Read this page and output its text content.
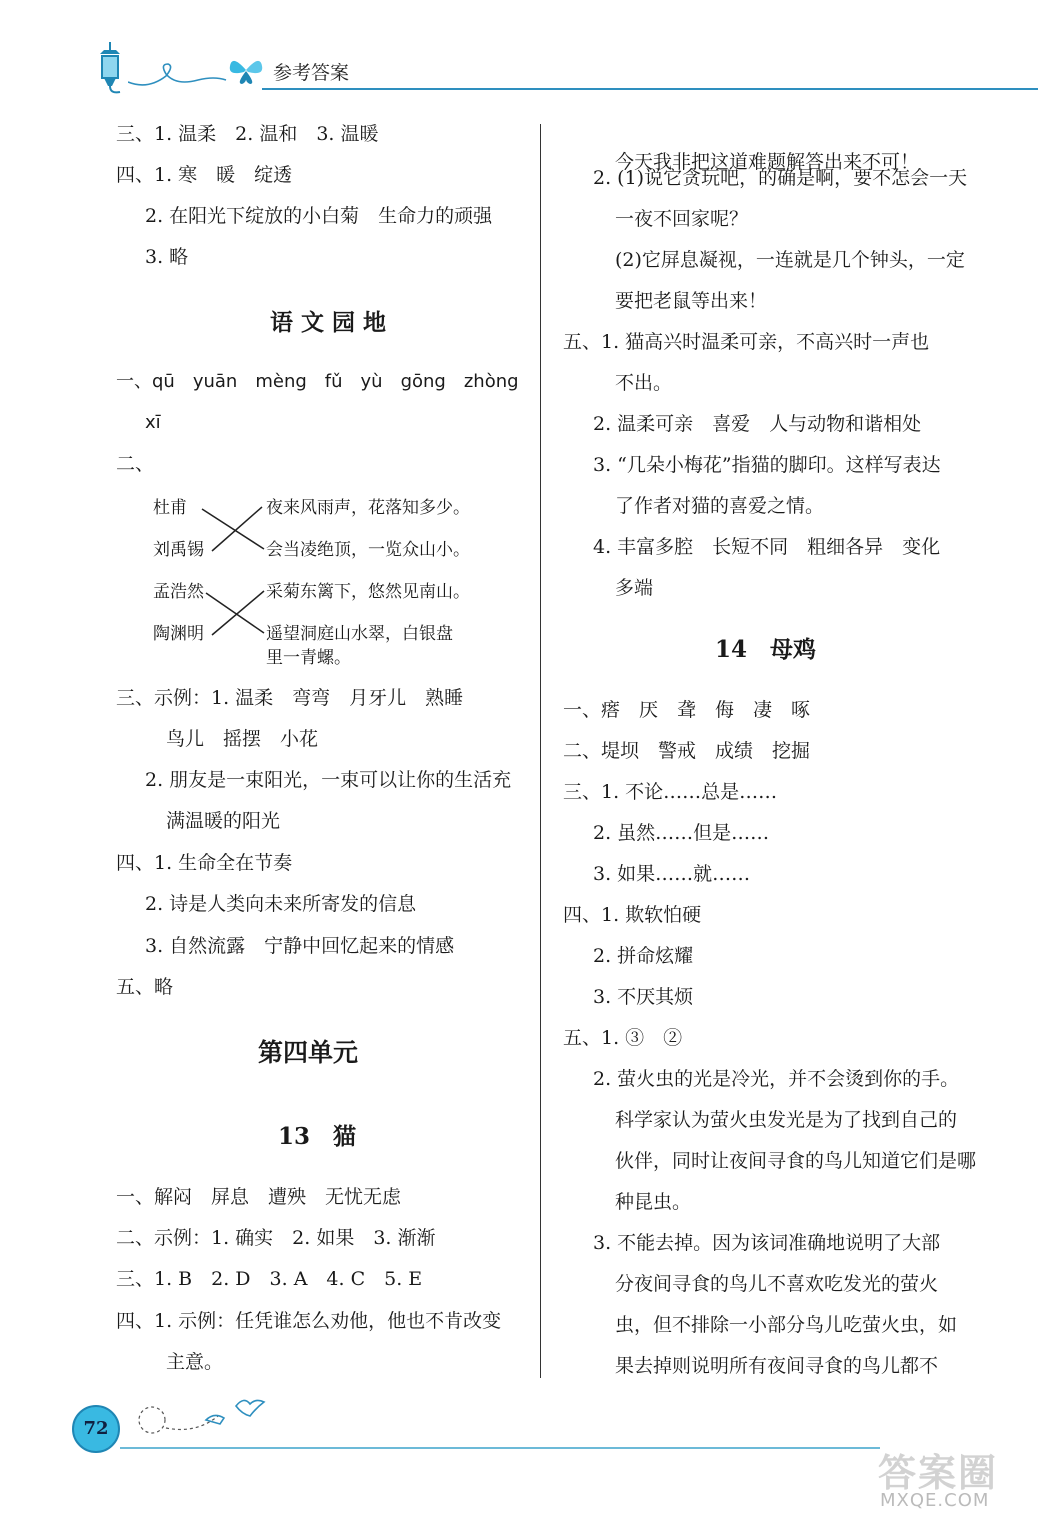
参考答案
三、1. 温柔　2. 温和　3. 温暖
四、1. 寒　暖　绽透
2. 在阳光下绽放的小白菊　生命力的顽强
3. 略
语 文 园 地
一、qū　yuān　mèng　fǔ　yù　gōng　zhòng
xī
二、
杜甫
刘禹锡
孟浩然
陶渊明
夜来风雨声，花落知多少。
会当凌绝顶，一览众山小。
采菊东篱下，悠然见南山。
遥望洞庭山水翠，白银盘
里一青螺。
三、示例：1. 温柔　弯弯　月牙儿　熟睡
鸟儿　摇摆　小花
2. 朋友是一束阳光，一束可以让你的生活充
满温暖的阳光
四、1. 生命全在节奏
2. 诗是人类向未来所寄发的信息
3. 自然流露　宁静中回忆起来的情感
五、略
第四单元
13　猫
一、解闷　屏息　遭殃　无忧无虑
二、示例：1. 确实　2. 如果　3. 渐渐
三、1. B　2. D　3. A　4. C　5. E
四、1. 示例：任凭谁怎么劝他，他也不肯改变
主意。
今天我非把这道难题解答出来不可！
2. (1)说它贪玩吧，的确是啊，要不怎会一天
一夜不回家呢？
(2)它屏息凝视，一连就是几个钟头，一定
要把老鼠等出来！
五、1. 猫高兴时温柔可亲，不高兴时一声也
不出。
2. 温柔可亲　喜爱　人与动物和谐相处
3. “几朵小梅花”指猫的脚印。这样写表达
了作者对猫的喜爱之情。
4. 丰富多腔　长短不同　粗细各异　变化
多端
14　母鸡
一、瘩　厌　聋　侮　凄　啄
二、堤坝　警戒　成绩　挖掘
三、1. 不论……总是……
2. 虽然……但是……
3. 如果……就……
四、1. 欺软怕硬
2. 拼命炫耀
3. 不厌其烦
五、1. ③　②
2. 萤火虫的光是冷光，并不会烫到你的手。
科学家认为萤火虫发光是为了找到自己的
伙伴，同时让夜间寻食的鸟儿知道它们是哪
种昆虫。
3. 不能去掉。因为该词准确地说明了大部
分夜间寻食的鸟儿不喜欢吃发光的萤火
虫，但不排除一小部分鸟儿吃萤火虫，如
果去掉则说明所有夜间寻食的鸟儿都不
72
答案圈
MXQE.COM
